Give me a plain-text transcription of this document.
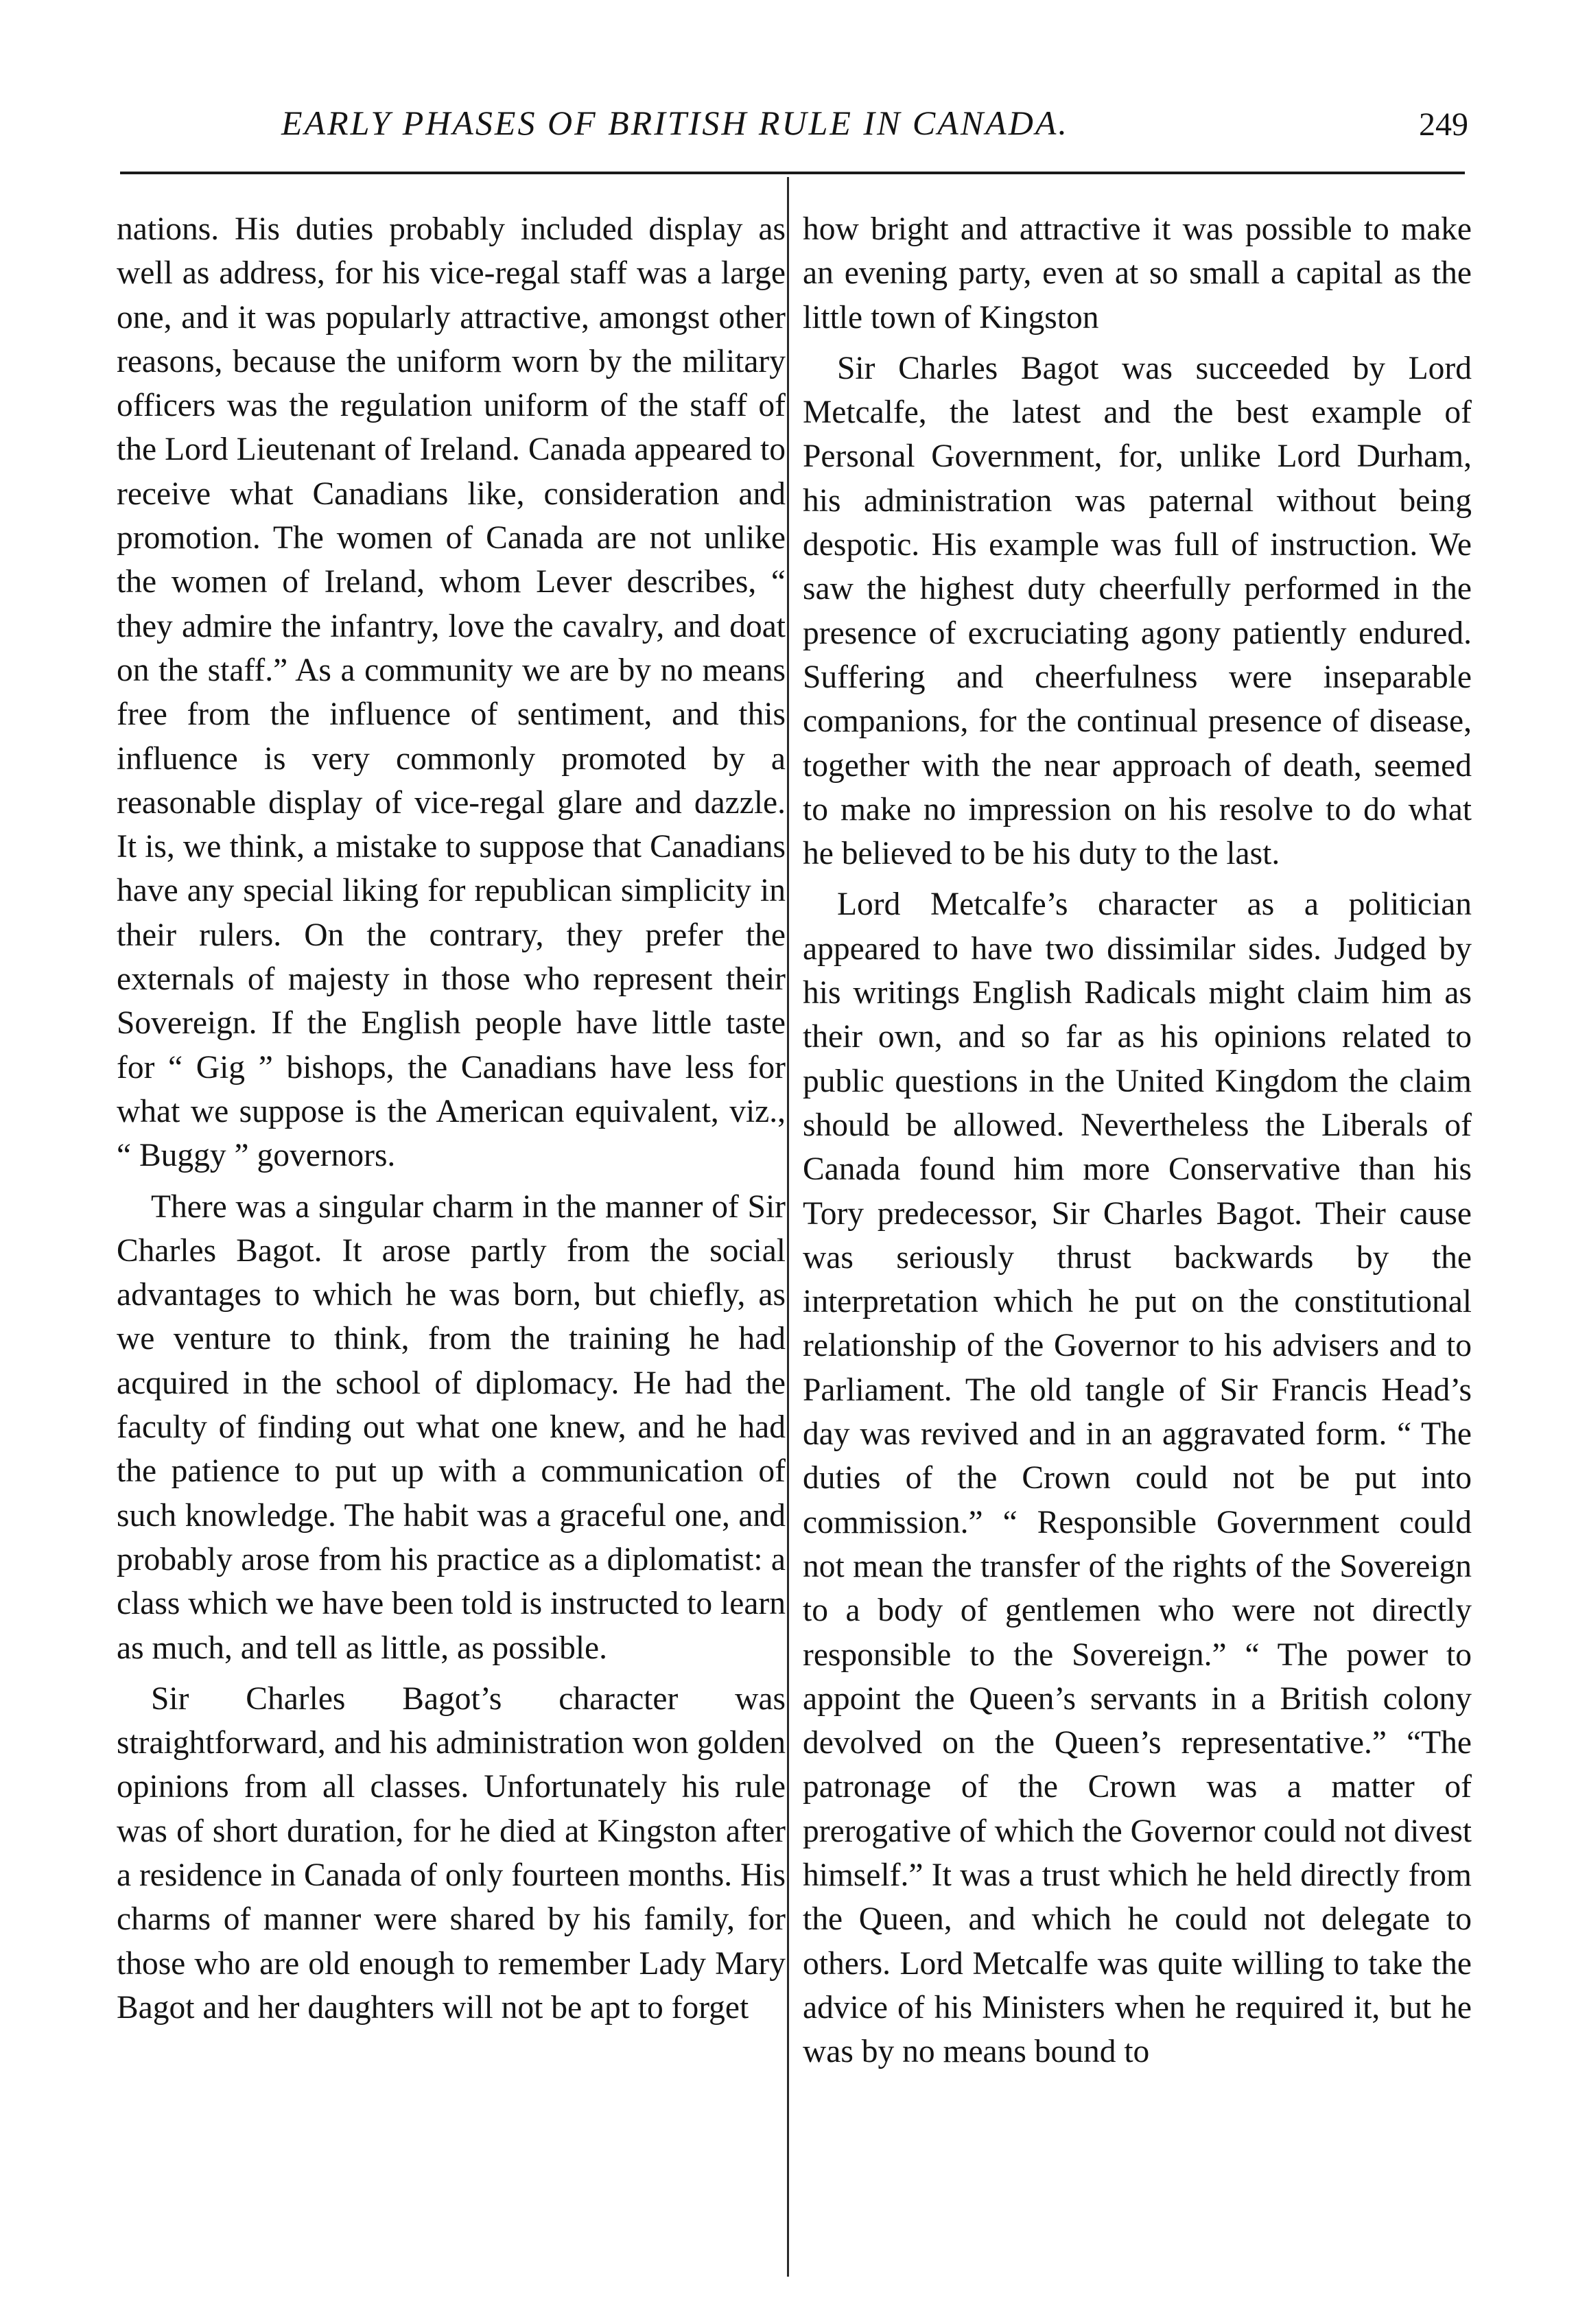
EARLY PHASES OF BRITISH RULE IN CANADA.	249

nations. His duties probably included display as well as address, for his vice-regal staff was a large one, and it was popularly attractive, amongst other reasons, because the uniform worn by the military officers was the regulation uniform of the staff of the Lord Lieutenant of Ireland. Canada appeared to receive what Canadians like, consideration and promotion. The women of Canada are not unlike the women of Ireland, whom Lever describes, “ they admire the infantry, love the cavalry, and doat on the staff.” As a community we are by no means free from the influence of sentiment, and this influence is very commonly promoted by a reasonable display of vice-regal glare and dazzle. It is, we think, a mistake to suppose that Canadians have any special liking for republican simplicity in their rulers. On the contrary, they prefer the externals of majesty in those who represent their Sovereign. If the English people have little taste for “ Gig ” bishops, the Canadians have less for what we suppose is the American equivalent, viz., “ Buggy ” governors.

There was a singular charm in the manner of Sir Charles Bagot. It arose partly from the social advantages to which he was born, but chiefly, as we venture to think, from the training he had acquired in the school of diplomacy. He had the faculty of finding out what one knew, and he had the patience to put up with a communication of such knowledge. The habit was a graceful one, and probably arose from his practice as a diplomatist: a class which we have been told is instructed to learn as much, and tell as little, as possible.

Sir Charles Bagot’s character was straightforward, and his administration won golden opinions from all classes. Unfortunately his rule was of short duration, for he died at Kingston after a residence in Canada of only fourteen months. His charms of manner were shared by his family, for those who are old enough to remember Lady Mary Bagot and her daughters will not be apt to forget

how bright and attractive it was possible to make an evening party, even at so small a capital as the little town of Kingston

Sir Charles Bagot was succeeded by Lord Metcalfe, the latest and the best example of Personal Government, for, unlike Lord Durham, his administration was paternal without being despotic. His example was full of instruction. We saw the highest duty cheerfully performed in the presence of excruciating agony patiently endured. Suffering and cheerfulness were inseparable companions, for the continual presence of disease, together with the near approach of death, seemed to make no impression on his resolve to do what he believed to be his duty to the last.

Lord Metcalfe’s character as a politician appeared to have two dissimilar sides. Judged by his writings English Radicals might claim him as their own, and so far as his opinions related to public questions in the United Kingdom the claim should be allowed. Nevertheless the Liberals of Canada found him more Conservative than his Tory predecessor, Sir Charles Bagot. Their cause was seriously thrust backwards by the interpretation which he put on the constitutional relationship of the Governor to his advisers and to Parliament. The old tangle of Sir Francis Head’s day was revived and in an aggravated form. “ The duties of the Crown could not be put into commission.” “ Responsible Government could not mean the transfer of the rights of the Sovereign to a body of gentlemen who were not directly responsible to the Sovereign.” “ The power to appoint the Queen’s servants in a British colony devolved on the Queen’s representative.” “The patronage of the Crown was a matter of prerogative of which the Governor could not divest himself.” It was a trust which he held directly from the Queen, and which he could not delegate to others. Lord Metcalfe was quite willing to take the advice of his Ministers when he required it, but he was by no means bound to
